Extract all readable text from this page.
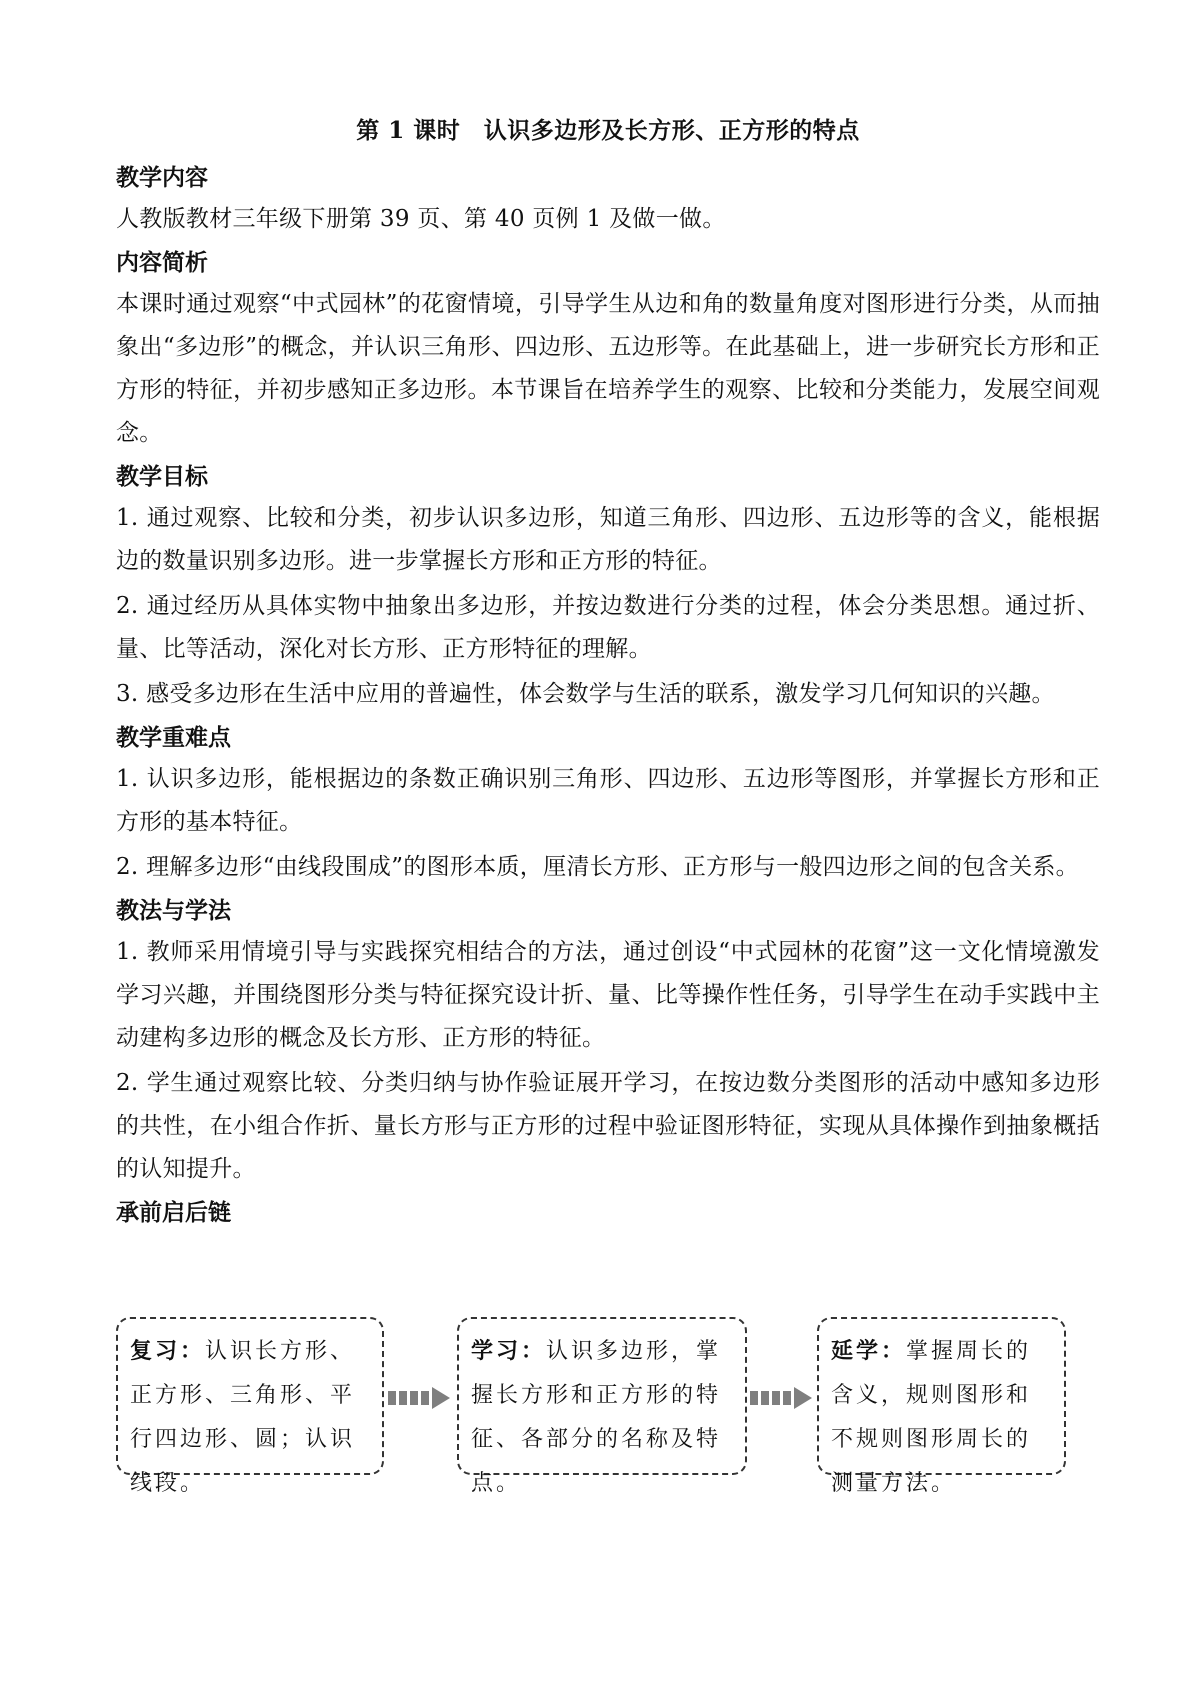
第 1 课时　认识多边形及长方形、正方形的特点

教学内容

人教版教材三年级下册第 39 页、第 40 页例 1 及做一做。

内容简析

本课时通过观察“中式园林”的花窗情境，引导学生从边和角的数量角度对图形进行分类，从而抽象出“多边形”的概念，并认识三角形、四边形、五边形等。在此基础上，进一步研究长方形和正方形的特征，并初步感知正多边形。本节课旨在培养学生的观察、比较和分类能力，发展空间观念。

教学目标

1. 通过观察、比较和分类，初步认识多边形，知道三角形、四边形、五边形等的含义，能根据边的数量识别多边形。进一步掌握长方形和正方形的特征。

2. 通过经历从具体实物中抽象出多边形，并按边数进行分类的过程，体会分类思想。通过折、量、比等活动，深化对长方形、正方形特征的理解。

3. 感受多边形在生活中应用的普遍性，体会数学与生活的联系，激发学习几何知识的兴趣。

教学重难点

1. 认识多边形，能根据边的条数正确识别三角形、四边形、五边形等图形，并掌握长方形和正方形的基本特征。

2. 理解多边形“由线段围成”的图形本质，厘清长方形、正方形与一般四边形之间的包含关系。

教法与学法

1. 教师采用情境引导与实践探究相结合的方法，通过创设“中式园林的花窗”这一文化情境激发学习兴趣，并围绕图形分类与特征探究设计折、量、比等操作性任务，引导学生在动手实践中主动建构多边形的概念及长方形、正方形的特征。

2. 学生通过观察比较、分类归纳与协作验证展开学习，在按边数分类图形的活动中感知多边形的共性，在小组合作折、量长方形与正方形的过程中验证图形特征，实现从具体操作到抽象概括的认知提升。

承前启后链

复习：认识长方形、正方形、三角形、平行四边形、圆；认识线段。
学习：认识多边形，掌握长方形和正方形的特征、各部分的名称及特点。
延学：掌握周长的含义，规则图形和不规则图形周长的测量方法。
